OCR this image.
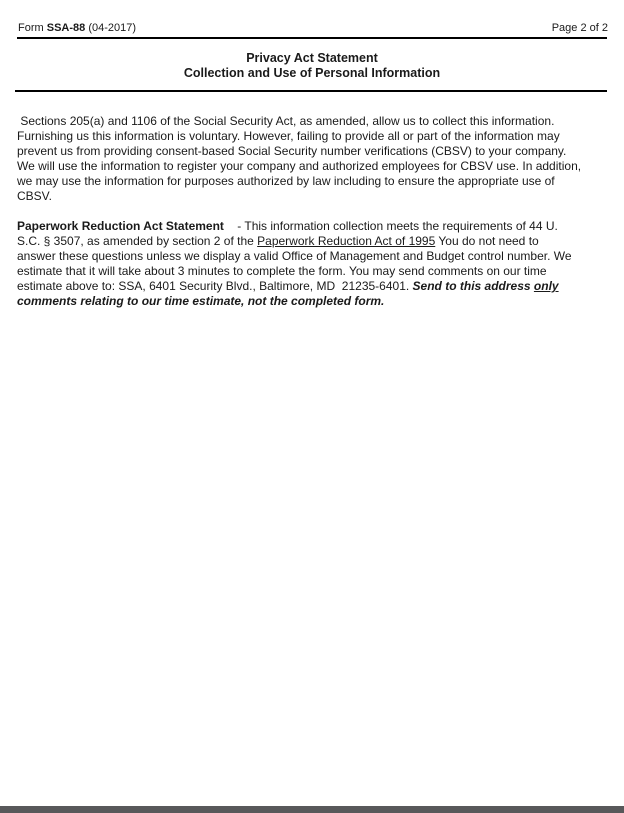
Form SSA-88 (04-2017)	Page 2 of 2
Privacy Act Statement
Collection and Use of Personal Information
Sections 205(a) and 1106 of the Social Security Act, as amended, allow us to collect this information.
Furnishing us this information is voluntary. However, failing to provide all or part of the information may
prevent us from providing consent-based Social Security number verifications (CBSV) to your company.
We will use the information to register your company and authorized employees for CBSV use. In addition,
we may use the information for purposes authorized by law including to ensure the appropriate use of
CBSV.
Paperwork Reduction Act Statement    - This information collection meets the requirements of 44 U.
S.C. § 3507, as amended by section 2 of the Paperwork Reduction Act of 1995 You do not need to
answer these questions unless we display a valid Office of Management and Budget control number. We
estimate that it will take about 3 minutes to complete the form. You may send comments on our time
estimate above to: SSA, 6401 Security Blvd., Baltimore, MD  21235-6401. Send to this address only
comments relating to our time estimate, not the completed form.
